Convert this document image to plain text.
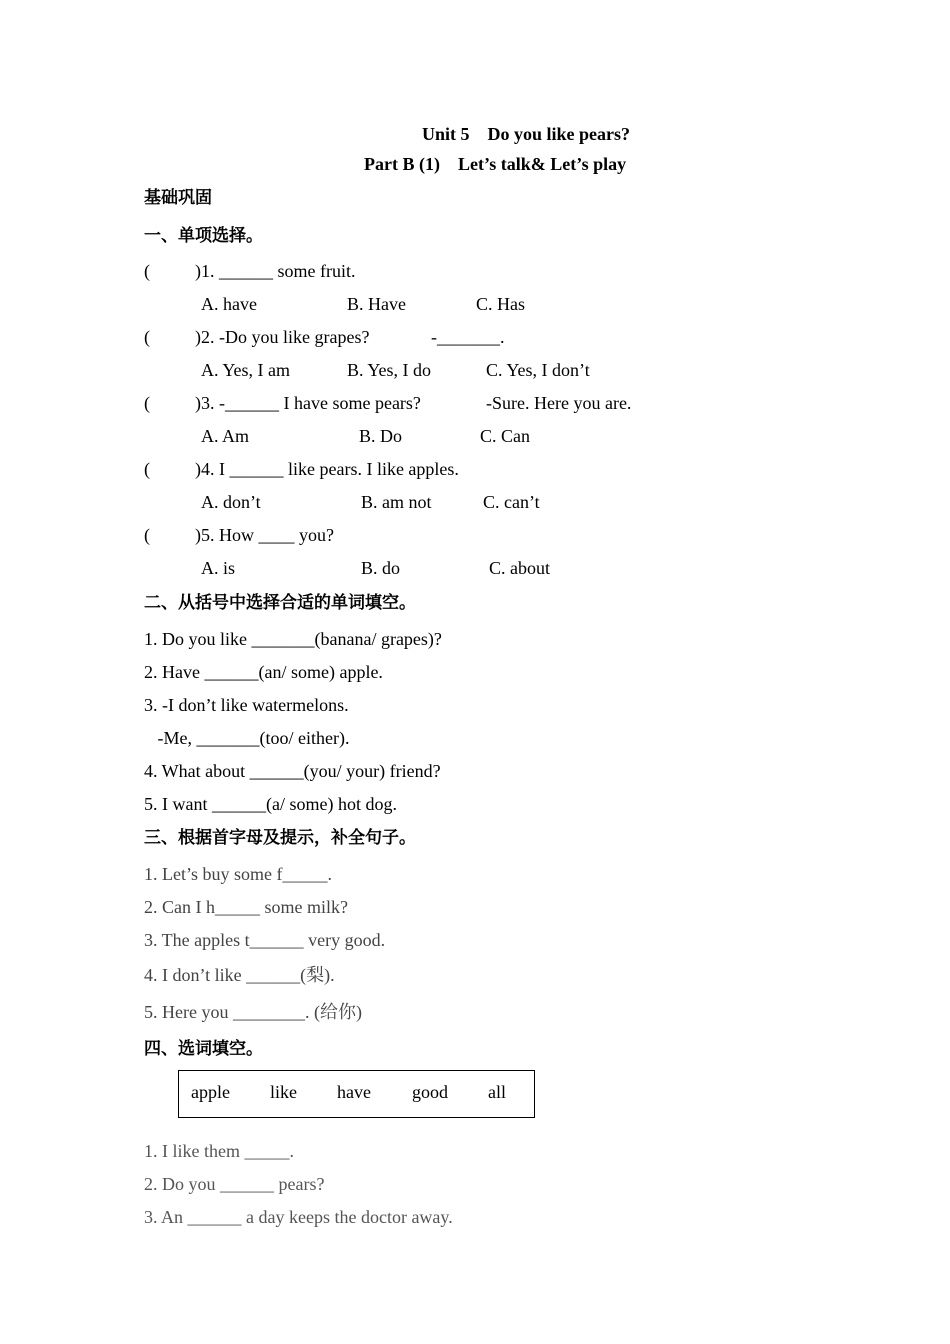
Unit 5    Do you like pears?
Part B (1)    Let’s talk& Let’s play
基础巩固
一、单项选择。
(          )1. ______ some fruit.
A. have	B. Have	C. Has
(          )2. -Do you like grapes?	-_______.
A. Yes, I am	B. Yes, I do	C. Yes, I don’t
(          )3. -______ I have some pears?	-Sure. Here you are.
A. Am	B. Do	C. Can
(          )4. I ______ like pears. I like apples.
A. don’t	B. am not	C. can’t
(          )5. How ____ you?
A. is	B. do	C. about
二、从括号中选择合适的单词填空。
1. Do you like _______(banana/ grapes)?
2. Have ______(an/ some) apple.
3. -I don’t like watermelons.
-Me, _______(too/ either).
4. What about ______(you/ your) friend?
5. I want ______(a/ some) hot dog.
三、根据首字母及提示，补全句子。
1. Let’s buy some f_____.
2. Can I h_____ some milk?
3. The apples t______ very good.
4. I don’t like ______(梨).
5. Here you ________. (给你)
四、选词填空。
apple like have good all
1. I like them _____.
2. Do you ______ pears?
3. An ______ a day keeps the doctor away.
